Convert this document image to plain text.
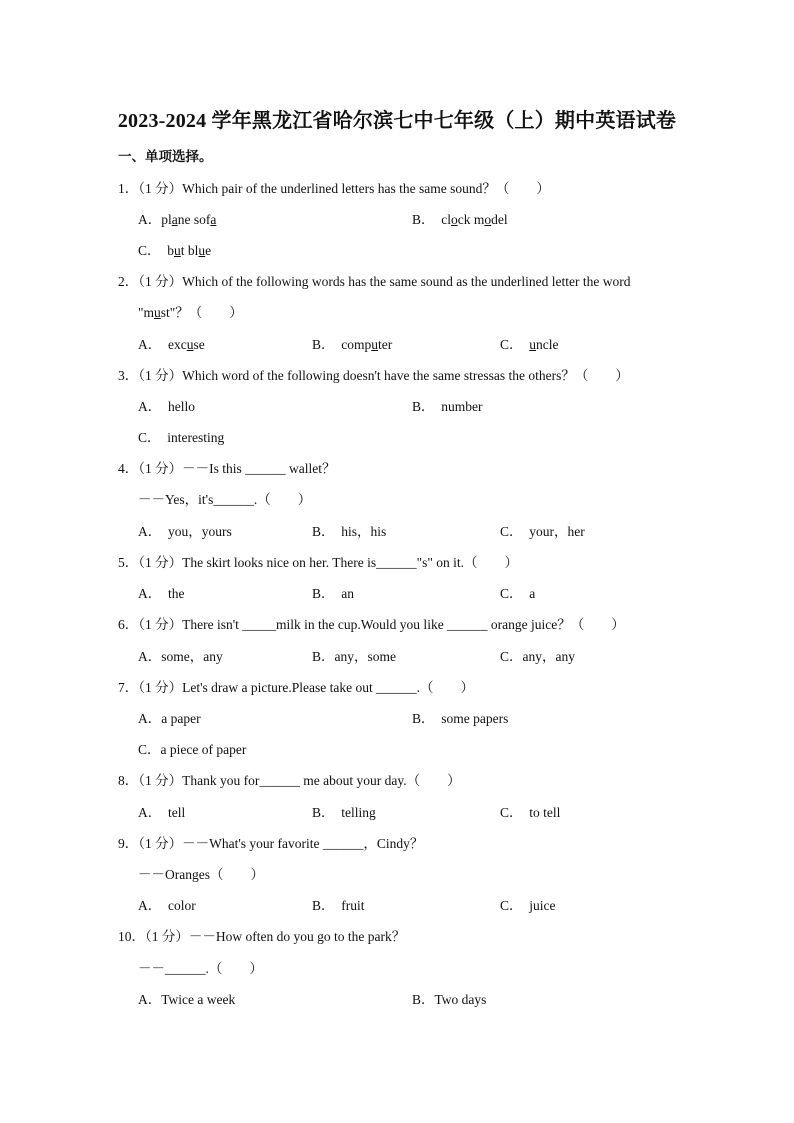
2023-2024 学年黑龙江省哈尔滨七中七年级（上）期中英语试卷
一、单项选择。
1．（1 分）Which pair of the underlined letters has the same sound？（　　）
A．plane sofa	B．　clock model
C．　but blue
2．（1 分）Which of the following words has the same sound as the underlined letter the word
"must"？（　　）
A．　excuse	B．　computer	C．　uncle
3．（1 分）Which word of the following doesn't have the same stressas the others？（　　）
A．　hello	B．　number
C．　interesting
4．（1 分）－－Is this ______ wallet？
－－Yes，it's______.（　　）
A．　you，yours	B．　his，his	C．　your，her
5．（1 分）The skirt looks nice on her. There is______"s" on it.（　　）
A．　the	B．　an	C．　a
6．（1 分）There isn't _____milk in the cup.Would you like ______ orange juice？（　　）
A．some，any	B．any，some	C．any，any
7．（1 分）Let's draw a picture.Please take out ______.（　　）
A．a paper	B．　some papers
C．a piece of paper
8．（1 分）Thank you for______ me about your day.（　　）
A．　tell	B．　telling	C．　to tell
9．（1 分）－－What's your favorite ______，Cindy？
－－Oranges（　　）
A．　color	B．　fruit	C．　juice
10．（1 分）－－How often do you go to the park？
－－______.（　　）
A．Twice a week	B．Two days
